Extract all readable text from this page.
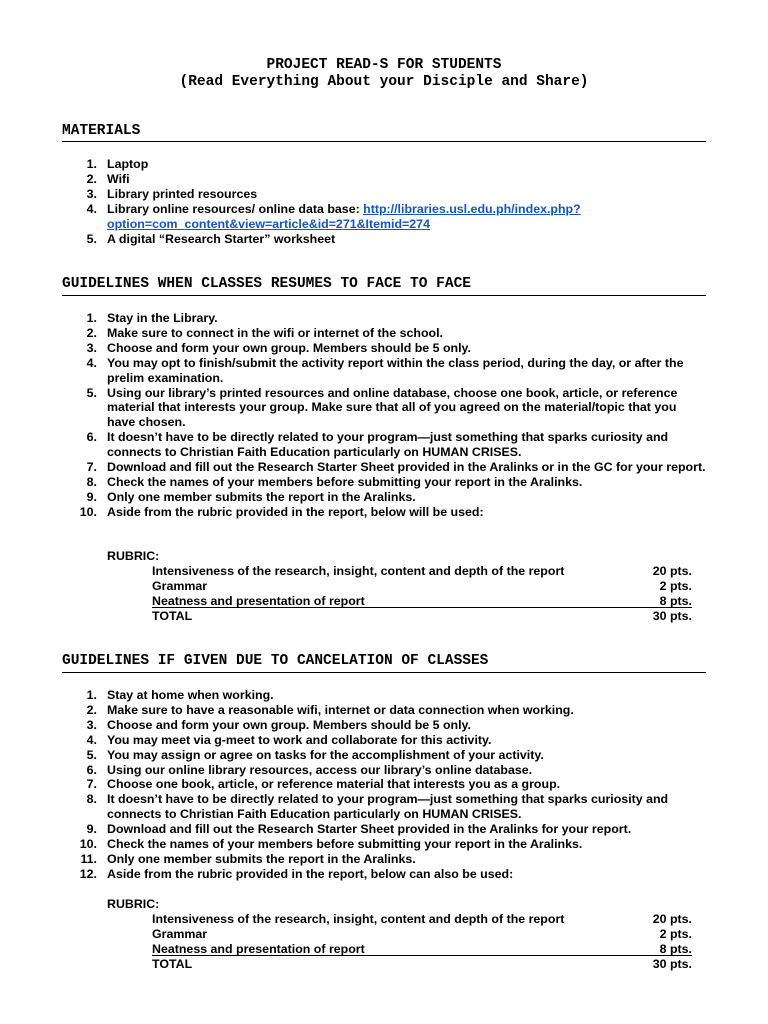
PROJECT READ-S FOR STUDENTS
(Read Everything About your Disciple and Share)
MATERIALS
1. Laptop
2. Wifi
3. Library printed resources
4. Library online resources/ online data base: http://libraries.usl.edu.ph/index.php?option=com_content&view=article&id=271&Itemid=274
5. A digital “Research Starter” worksheet
GUIDELINES WHEN CLASSES RESUMES TO FACE TO FACE
1. Stay in the Library.
2. Make sure to connect in the wifi or internet of the school.
3. Choose and form your own group. Members should be 5 only.
4. You may opt to finish/submit the activity report within the class period, during the day, or after the prelim examination.
5. Using our library’s printed resources and online database, choose one book, article, or reference material that interests your group. Make sure that all of you agreed on the material/topic that you have chosen.
6. It doesn’t have to be directly related to your program—just something that sparks curiosity and connects to Christian Faith Education particularly on HUMAN CRISES.
7. Download and fill out the Research Starter Sheet provided in the Aralinks or in the GC for your report.
8. Check the names of your members before submitting your report in the Aralinks.
9. Only one member submits the report in the Aralinks.
10. Aside from the rubric provided in the report, below will be used:
RUBRIC:
Intensiveness of the research, insight, content and depth of the report	20 pts.
Grammar	2 pts.
Neatness and presentation of report	8 pts.
TOTAL	30 pts.
GUIDELINES IF GIVEN DUE TO CANCELATION OF CLASSES
1. Stay at home when working.
2. Make sure to have a reasonable wifi, internet or data connection when working.
3. Choose and form your own group. Members should be 5 only.
4. You may meet via g-meet to work and collaborate for this activity.
5. You may assign or agree on tasks for the accomplishment of your activity.
6. Using our online library resources, access our library’s online database.
7. Choose one book, article, or reference material that interests you as a group.
8. It doesn’t have to be directly related to your program—just something that sparks curiosity and connects to Christian Faith Education particularly on HUMAN CRISES.
9. Download and fill out the Research Starter Sheet provided in the Aralinks for your report.
10. Check the names of your members before submitting your report in the Aralinks.
11. Only one member submits the report in the Aralinks.
12. Aside from the rubric provided in the report, below can also be used:
RUBRIC:
Intensiveness of the research, insight, content and depth of the report	20 pts.
Grammar	2 pts.
Neatness and presentation of report	8 pts.
TOTAL	30 pts.
